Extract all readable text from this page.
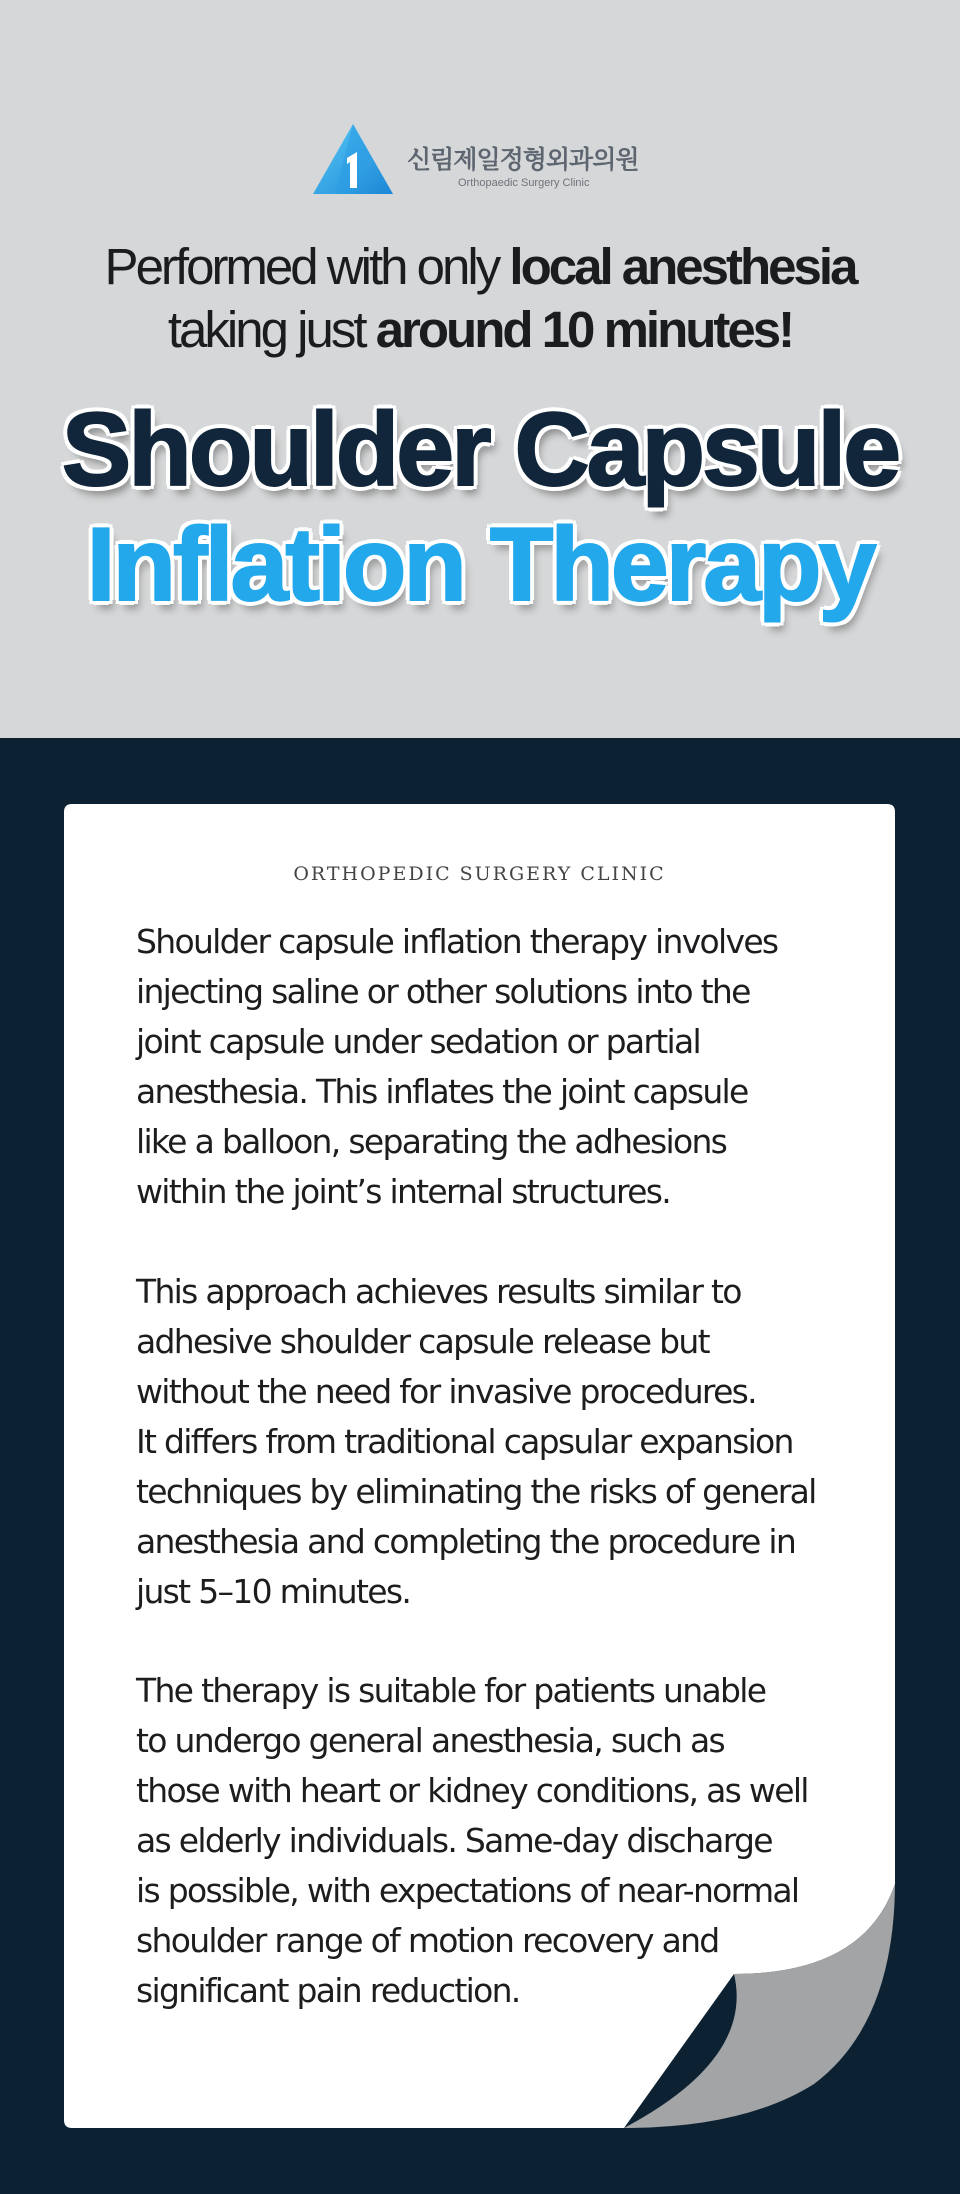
신림제일정형외과의원
Orthopaedic Surgery Clinic
Performed with only local anesthesia
taking just around 10 minutes!
Shoulder Capsule
Inflation Therapy
ORTHOPEDIC SURGERY CLINIC
Shoulder capsule inflation therapy involves
injecting saline or other solutions into the
joint capsule under sedation or partial
anesthesia. This inflates the joint capsule
like a balloon, separating the adhesions
within the joint’s internal structures.
This approach achieves results similar to
adhesive shoulder capsule release but
without the need for invasive procedures.
It differs from traditional capsular expansion
techniques by eliminating the risks of general
anesthesia and completing the procedure in
just 5–10 minutes.
The therapy is suitable for patients unable
to undergo general anesthesia, such as
those with heart or kidney conditions, as well
as elderly individuals. Same-day discharge
is possible, with expectations of near-normal
shoulder range of motion recovery and
significant pain reduction.
